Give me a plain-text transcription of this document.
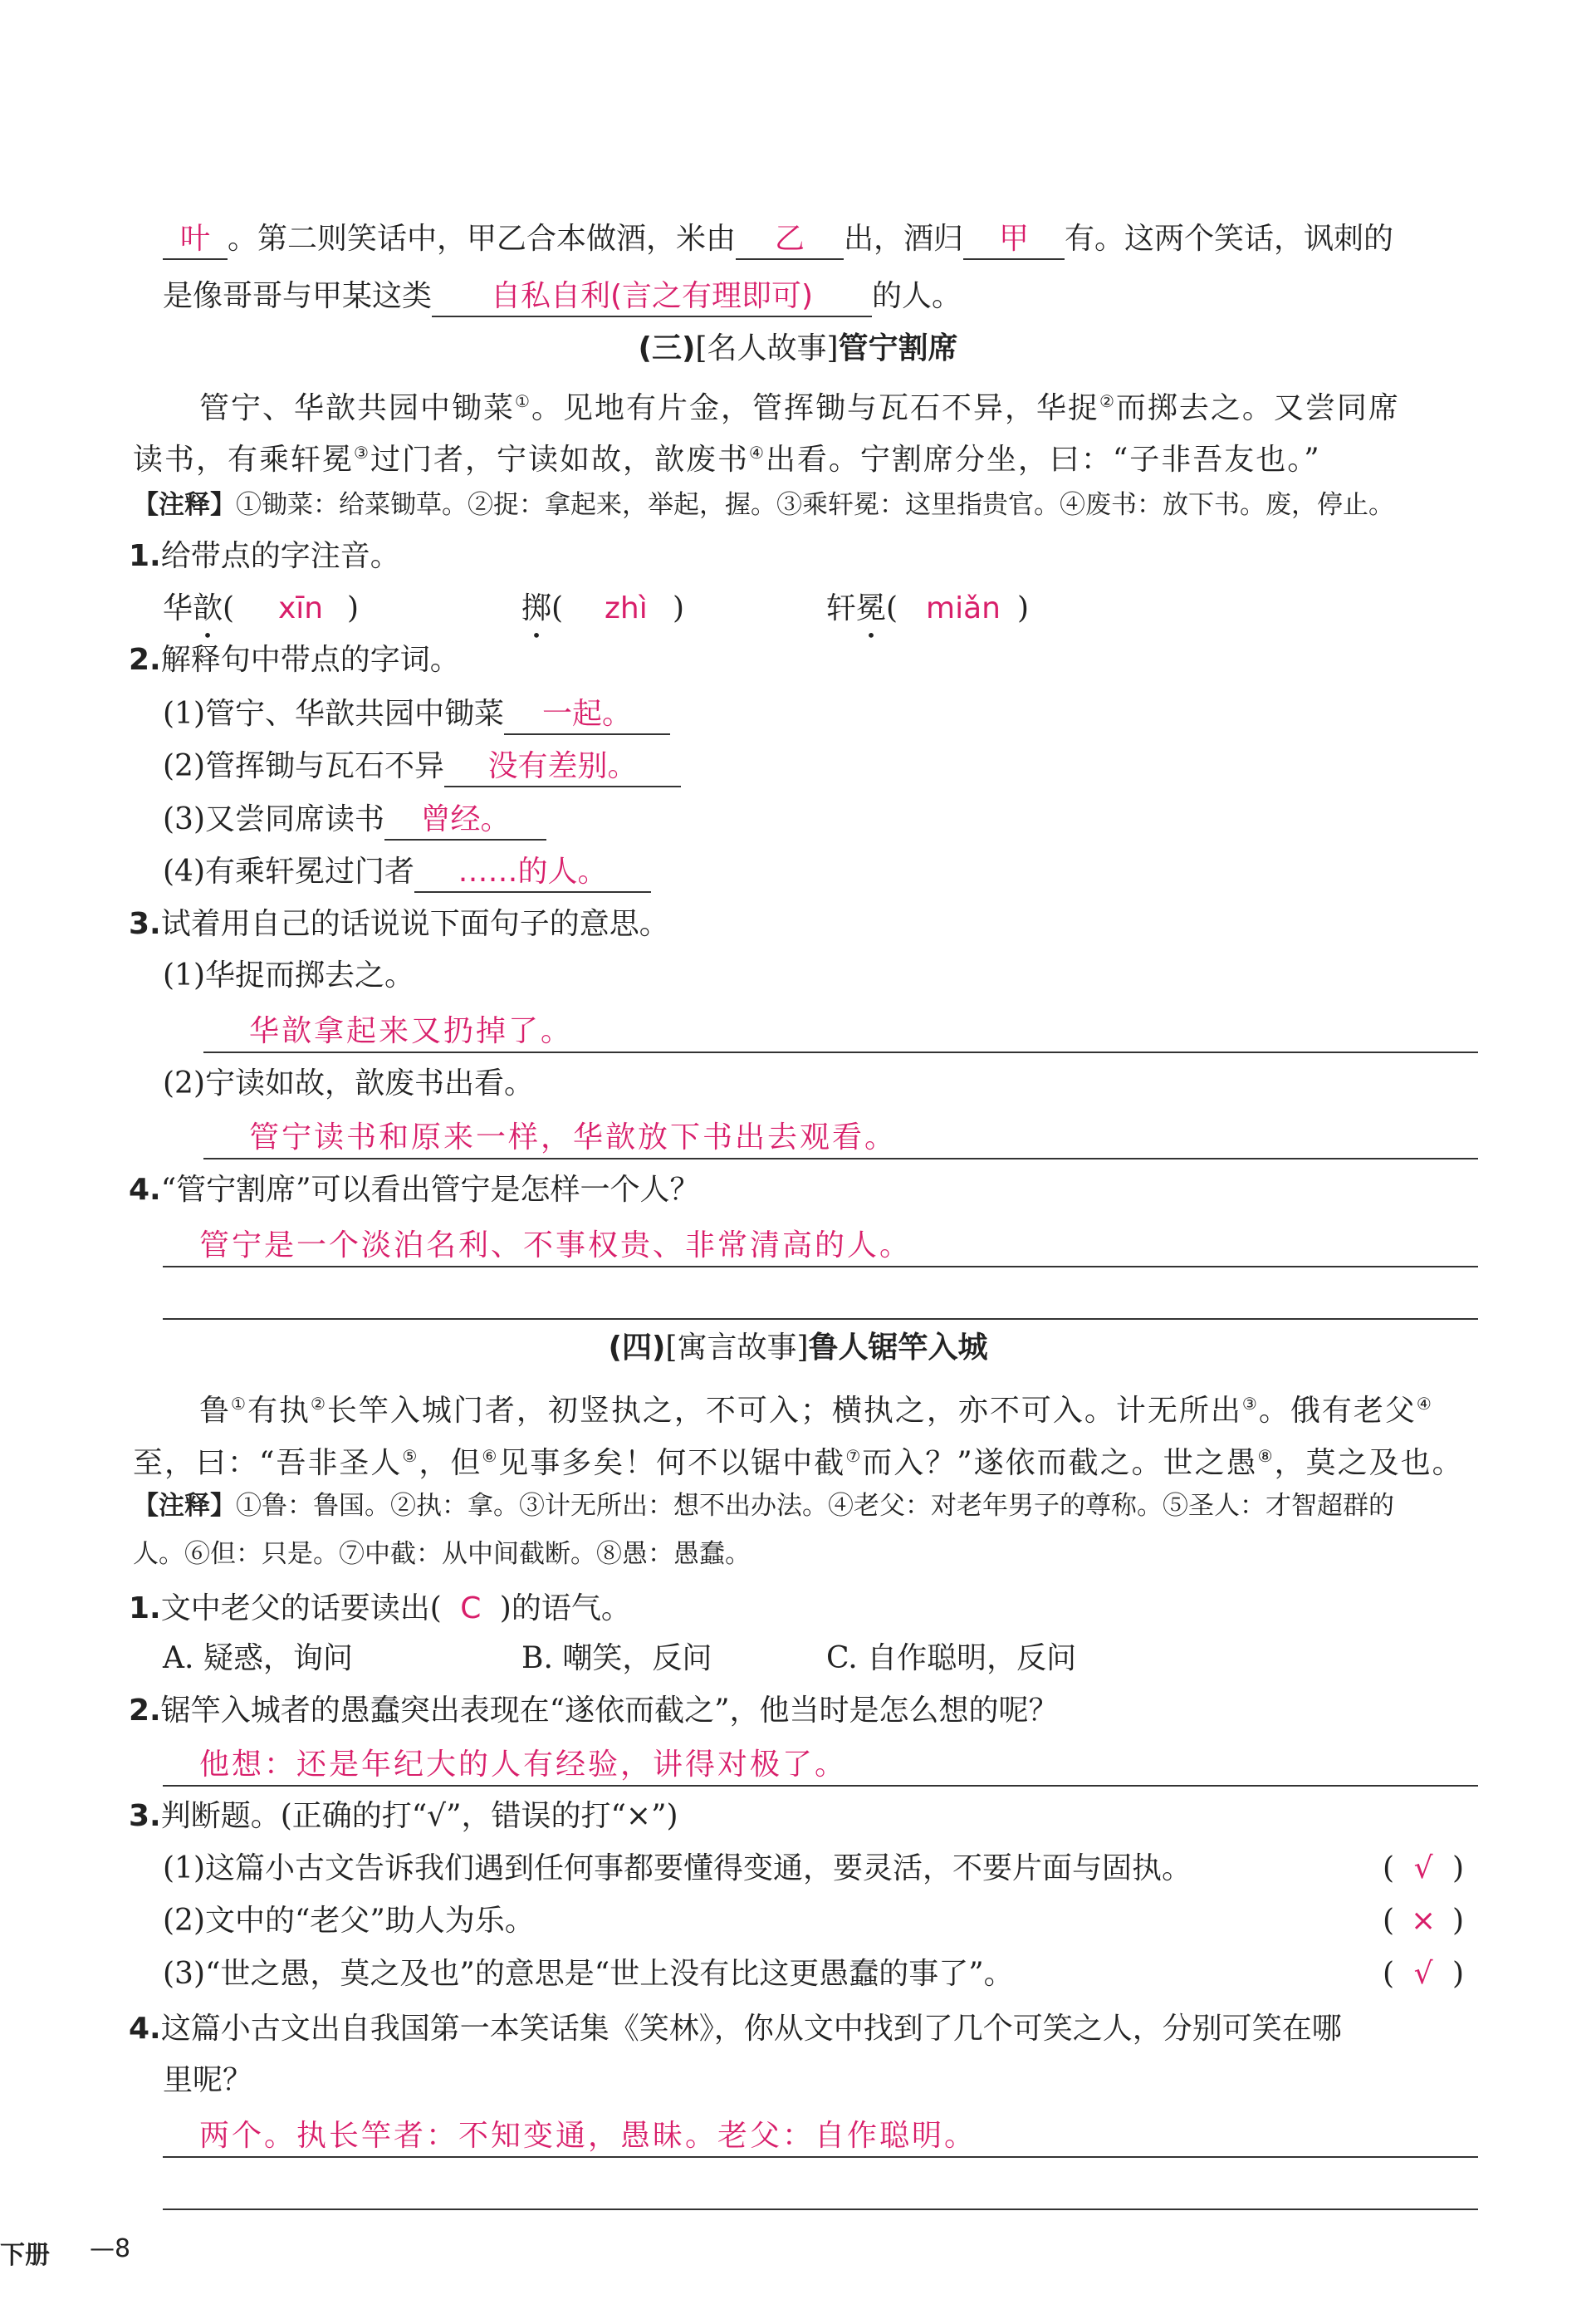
叶 。第二则笑话中，甲乙合本做酒，米由 乙 出，酒归 甲 有。这两个笑话，讽刺的
是像哥哥与甲某这类 自私自利(言之有理即可) 的人。
(三)[名人故事]管宁割席
管宁、华歆共园中锄菜①。见地有片金，管挥锄与瓦石不异，华捉②而掷去之。又尝同席
读书，有乘轩冕③过门者，宁读如故，歆废书④出看。宁割席分坐，曰：“子非吾友也。”
【注释】①锄菜：给菜锄草。②捉：拿起来，举起，握。③乘轩冕：这里指贵官。④废书：放下书。废，停止。
1.给带点的字注音。
华歆( xīn )	掷( zhì )	轩冕( miǎn )
2.解释句中带点的字词。
(1)管宁、华歆共园中锄菜 一起。
(2)管挥锄与瓦石不异 没有差别。
(3)又尝同席读书 曾经。
(4)有乘轩冕过门者 ……的人。
3.试着用自己的话说说下面句子的意思。
(1)华捉而掷去之。
华歆拿起来又扔掉了。
(2)宁读如故，歆废书出看。
管宁读书和原来一样，华歆放下书出去观看。
4.“管宁割席”可以看出管宁是怎样一个人？
管宁是一个淡泊名利、不事权贵、非常清高的人。
(四)[寓言故事]鲁人锯竿入城
鲁①有执②长竿入城门者，初竖执之，不可入；横执之，亦不可入。计无所出③。俄有老父④
至，曰：“吾非圣人⑤，但⑥见事多矣！何不以锯中截⑦而入？”遂依而截之。世之愚⑧，莫之及也。
【注释】①鲁：鲁国。②执：拿。③计无所出：想不出办法。④老父：对老年男子的尊称。⑤圣人：才智超群的
人。⑥但：只是。⑦中截：从中间截断。⑧愚：愚蠢。
1.文中老父的话要读出( C )的语气。
A. 疑惑，询问	B. 嘲笑，反问	C. 自作聪明，反问
2.锯竿入城者的愚蠢突出表现在“遂依而截之”，他当时是怎么想的呢？
他想：还是年纪大的人有经验，讲得对极了。
3.判断题。(正确的打“√”，错误的打“×”)
(1)这篇小古文告诉我们遇到任何事都要懂得变通，要灵活，不要片面与固执。	( √ )
(2)文中的“老父”助人为乐。	( × )
(3)“世之愚，莫之及也”的意思是“世上没有比这更愚蠢的事了”。	( √ )
4.这篇小古文出自我国第一本笑话集《笑林》，你从文中找到了几个可笑之人，分别可笑在哪
里呢？
两个。执长竿者：不知变通，愚昧。老父：自作聪明。
下册 —8
